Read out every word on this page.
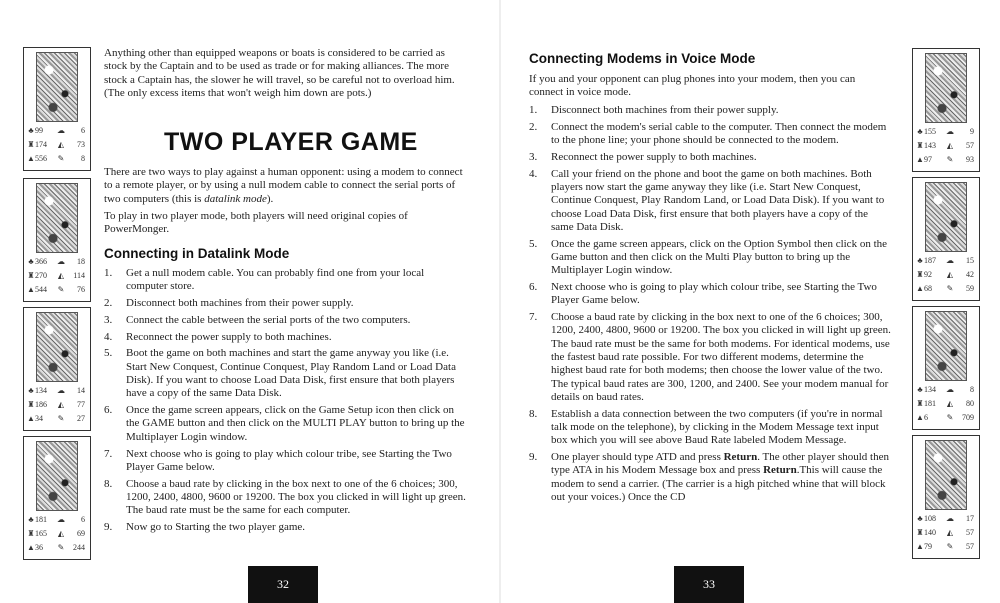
♣ 99	☁	6
♜ 174	◭	73
▲ 556	✎	8
♣ 366	☁	18
♜ 270	◭	114
▲ 544	✎	76
♣ 134	☁	14
♜ 186	◭	77
▲ 34	✎	27
♣ 181	☁	6
♜ 165	◭	69
▲ 36	✎	244

Anything other than equipped weapons or boats is considered to be carried as stock by the Captain and to be used as trade or for making alliances. The more stock a Captain has, the slower he will travel, so be careful not to overload him. (The only excess items that won't weigh him down are pots.)

TWO PLAYER GAME

There are two ways to play against a human opponent: using a modem to connect to a remote player, or by using a null modem cable to connect the serial ports of two computers (this is datalink mode).

To play in two player mode, both players will need original copies of PowerMonger.

Connecting in Datalink Mode
1. Get a null modem cable. You can probably find one from your local computer store.
2. Disconnect both machines from their power supply.
3. Connect the cable between the serial ports of the two computers.
4. Reconnect the power supply to both machines.
5. Boot the game on both machines and start the game anyway you like (i.e. Start New Conquest, Continue Conquest, Play Random Land or Load Data Disk). If you want to choose Load Data Disk, first ensure that both players have a copy of the same Data Disk.
6. Once the game screen appears, click on the Game Setup icon then click on the GAME button and then click on the MULTI PLAY button to bring up the Multiplayer Login window.
7. Next choose who is going to play which colour tribe, see Starting the Two Player Game below.
8. Choose a baud rate by clicking in the box next to one of the 6 choices; 300, 1200, 2400, 4800, 9600 or 19200. The box you clicked in will light up green. The baud rate must be the same for each computer.
9. Now go to Starting the two player game.
32
Connecting Modems in Voice Mode

If you and your opponent can plug phones into your modem, then you can connect in voice mode.

1. Disconnect both machines from their power supply.
2. Connect the modem's serial cable to the computer. Then connect the modem to the phone line; your phone should be connected to the modem.
3. Reconnect the power supply to both machines.
4. Call your friend on the phone and boot the game on both machines. Both players now start the game anyway they like (i.e. Start New Conquest, Continue Conquest, Play Random Land, or Load Data Disk). If you want to choose Load Data Disk, first ensure that both players have a copy of the same Data Disk.
5. Once the game screen appears, click on the Option Symbol then click on the Game button and then click on the Multi Play button to bring up the Multiplayer Login window.
6. Next choose who is going to play which colour tribe, see Starting the Two Player Game below.
7. Choose a baud rate by clicking in the box next to one of the 6 choices; 300, 1200, 2400, 4800, 9600 or 19200. The box you clicked in will light up green. The baud rate must be the same for both modems. For identical modems, use the fastest baud rate possible. For two different modems, determine the highest baud rate for both modems; then choose the lower value of the two. The typical baud rates are 300, 1200, and 2400. See your modem manual for details on baud rates.
8. Establish a data connection between the two computers (if you're in normal talk mode on the telephone), by clicking in the Modem Message text input box which you will see above Baud Rate labeled Modem Message.
9. One player should type ATD and press Return. The other player should then type ATA in his Modem Message box and press Return.This will cause the modem to send a carrier. (The carrier is a high pitched whine that will block out your voices.) Once the CD
♣ 155	☁	9
♜ 143	◭	57
▲ 97	✎	93
♣ 187	☁	15
♜ 92	◭	42
▲ 68	✎	59
♣ 134	☁	8
♜ 181	◭	80
▲ 6	✎	709
♣ 108	☁	17
♜ 140	◭	57
▲ 79	✎	57
33
